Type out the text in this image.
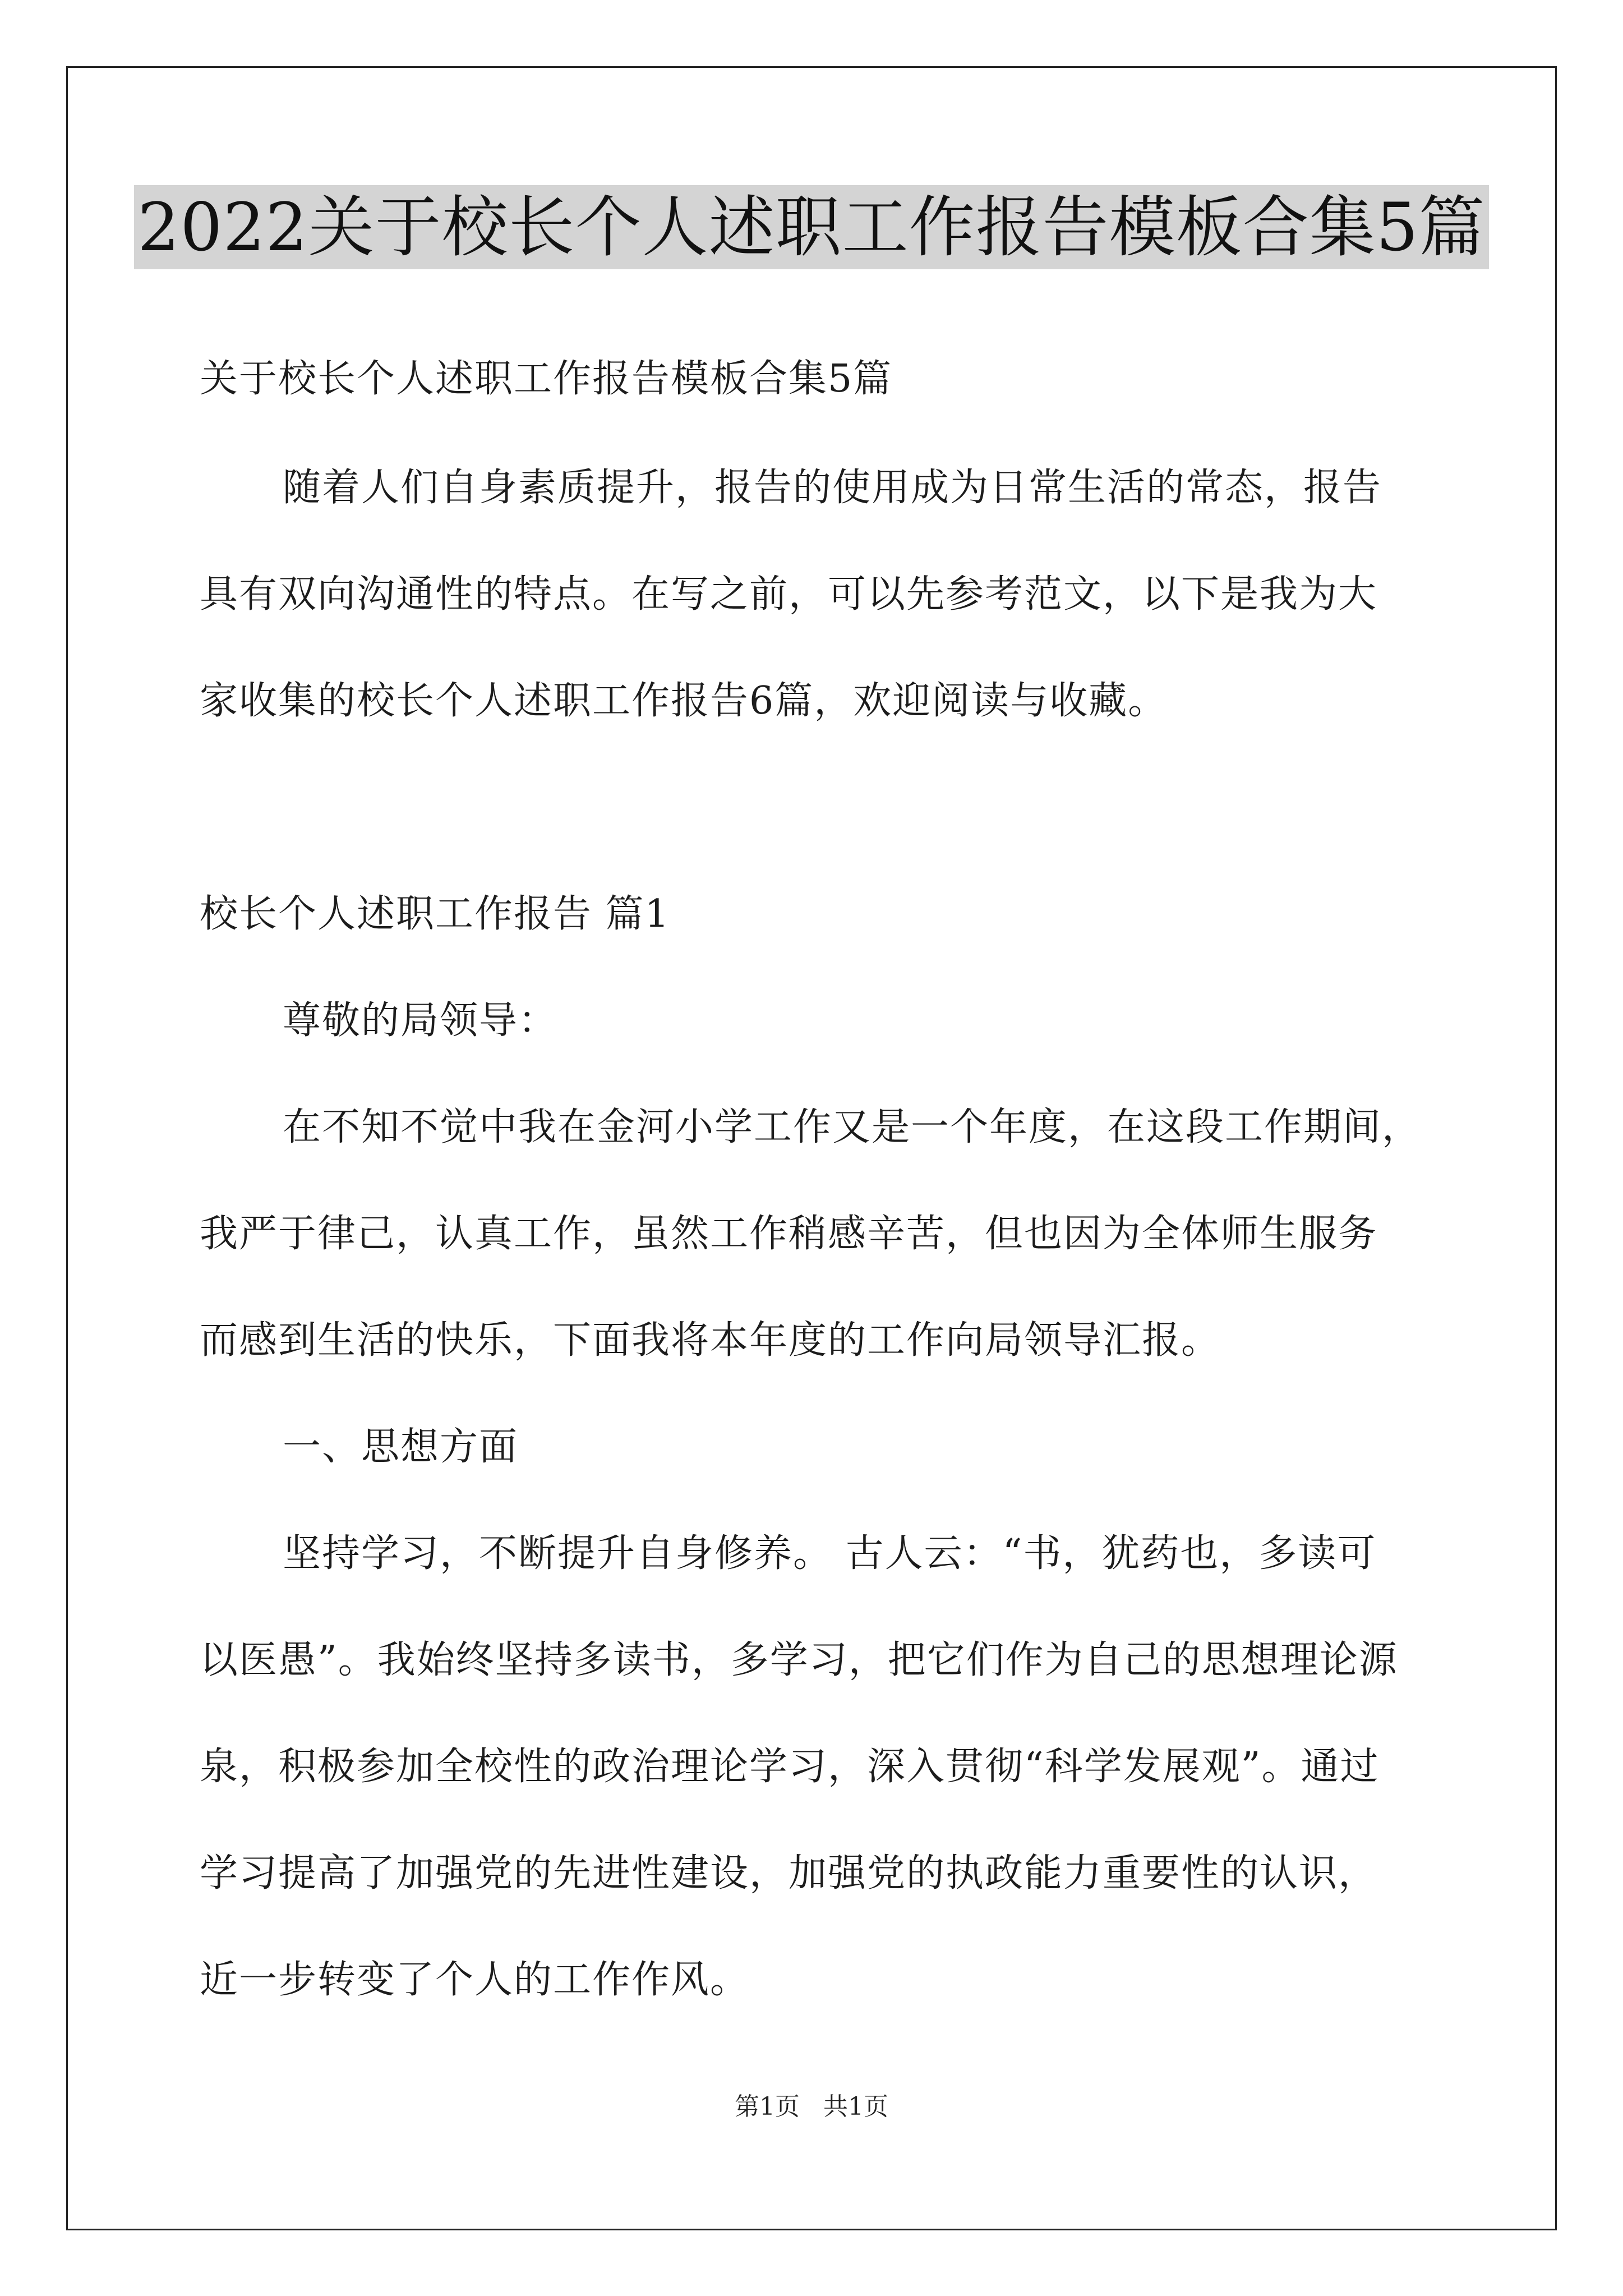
2022关于校长个人述职工作报告模板合集5篇
关于校长个人述职工作报告模板合集5篇
随着人们自身素质提升，报告的使用成为日常生活的常态，报告
具有双向沟通性的特点。在写之前，可以先参考范文，以下是我为大
家收集的校长个人述职工作报告6篇，欢迎阅读与收藏。
校长个人述职工作报告 篇1
尊敬的局领导：
在不知不觉中我在金河小学工作又是一个年度，在这段工作期间，
我严于律己，认真工作，虽然工作稍感辛苦，但也因为全体师生服务
而感到生活的快乐，下面我将本年度的工作向局领导汇报。
一、思想方面
坚持学习，不断提升自身修养。 古人云：“书，犹药也，多读可
以医愚”。我始终坚持多读书，多学习，把它们作为自己的思想理论源
泉，积极参加全校性的政治理论学习，深入贯彻“科学发展观”。通过
学习提高了加强党的先进性建设，加强党的执政能力重要性的认识，
近一步转变了个人的工作作风。
第1页 共1页
